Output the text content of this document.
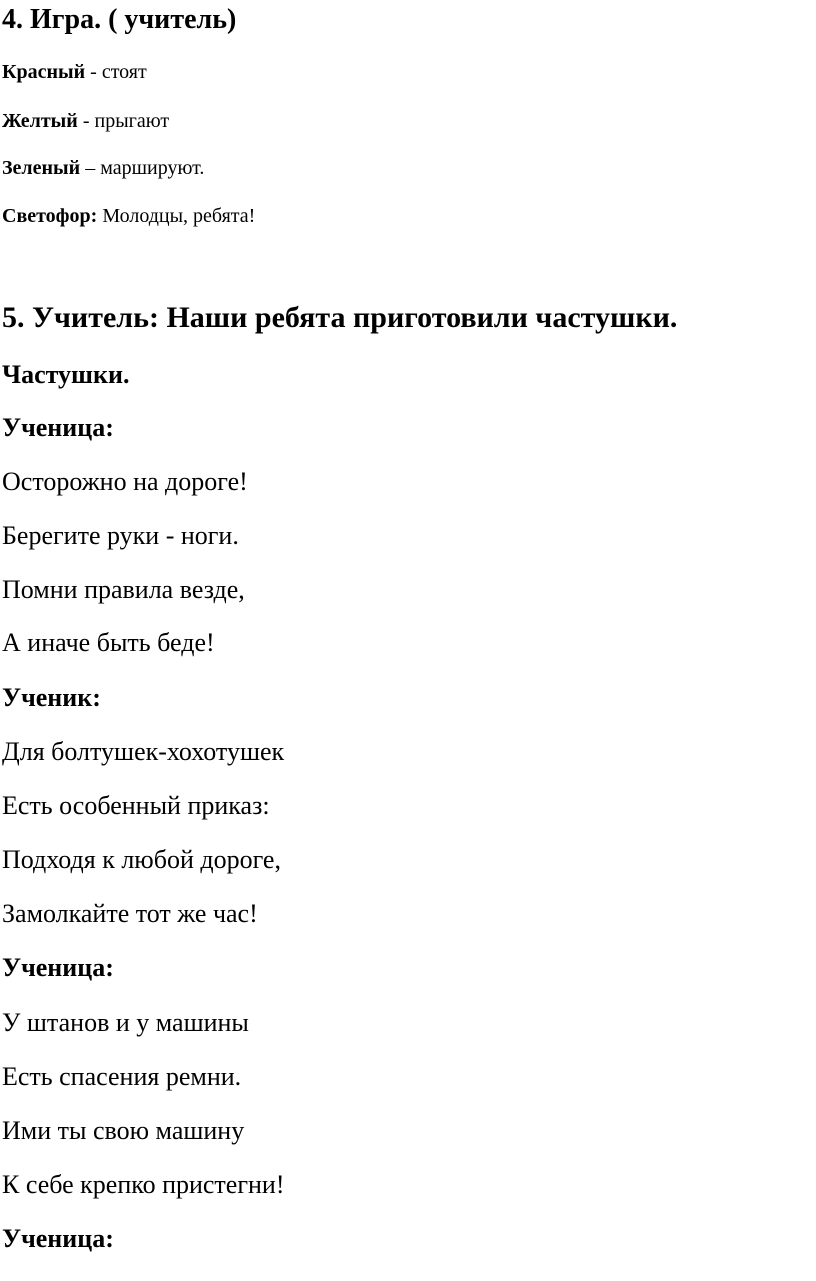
4. Игра. ( учитель)
Красный - стоят
Желтый - прыгают
Зеленый – маршируют.
Светофор: Молодцы, ребята!
5. Учитель: Наши ребята приготовили частушки.
Частушки.
Ученица:
Осторожно на дороге!
Берегите руки - ноги.
Помни правила везде,
А иначе быть беде!
Ученик:
Для болтушек-хохотушек
Есть особенный приказ:
Подходя к любой дороге,
Замолкайте тот же час!
Ученица:
У штанов и у машины
Есть спасения ремни.
Ими ты свою машину
К себе крепко пристегни!
Ученица:
